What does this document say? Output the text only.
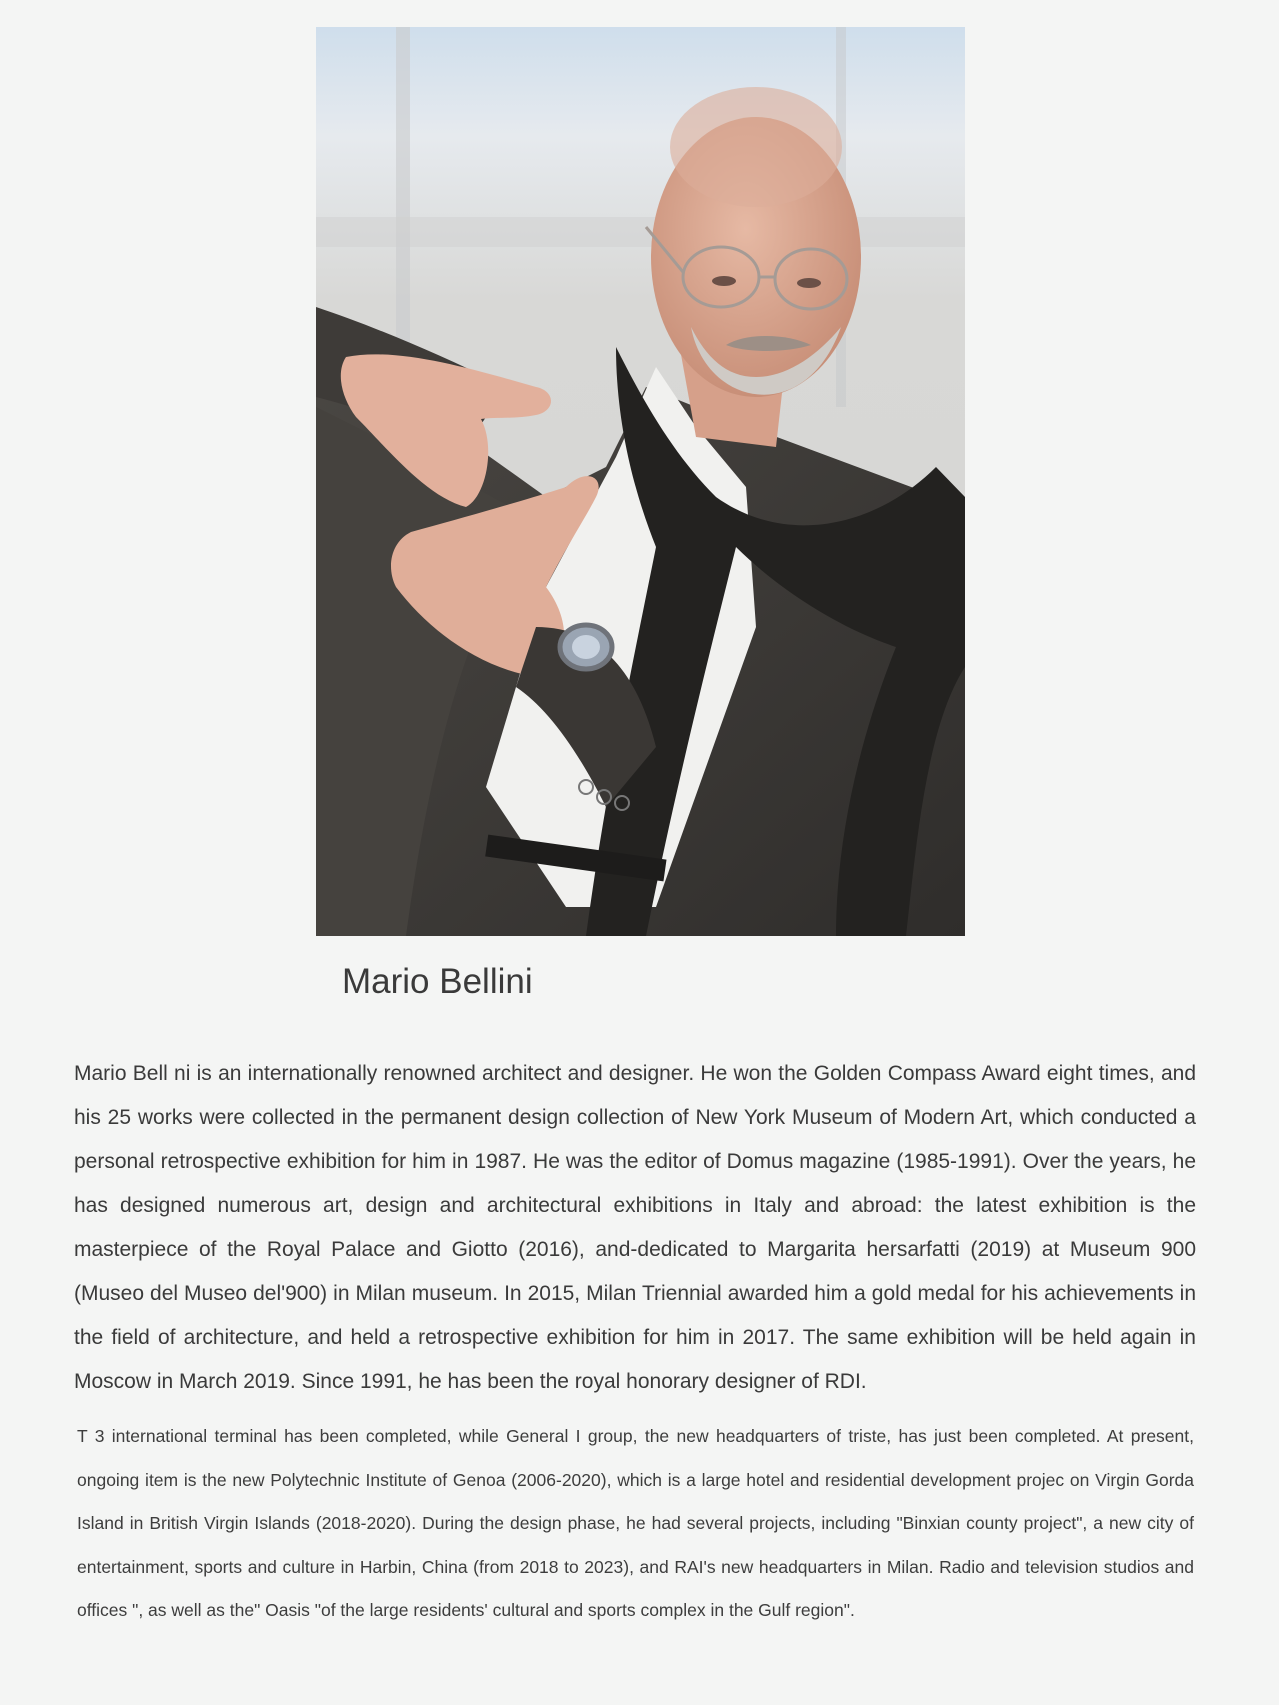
Mario Bellini

Mario Bell ni is an internationally renowned architect and designer. He won the Golden Compass Award eight times, and his 25 works were collected in the permanent design collection of New York Museum of Modern Art, which conducted a personal retrospective exhibition for him in 1987. He was the editor of Domus magazine (1985-1991). Over the years, he has designed numerous art, design and architectural exhibitions in Italy and abroad: the latest exhibition is the masterpiece of the Royal Palace and Giotto (2016), and-dedicated to Margarita hersarfatti (2019) at Museum 900 (Museo del Museo del'900) in Milan museum. In 2015, Milan Triennial awarded him a gold medal for his achievements in the field of architecture, and held a retrospective exhibition for him in 2017. The same exhibition will be held again in Moscow in March 2019. Since 1991, he has been the royal honorary designer of RDI.

T 3 international terminal has been completed, while General I group, the new headquarters of triste, has just been completed. At present, ongoing item is the new Polytechnic Institute of Genoa (2006-2020), which is a large hotel and residential development projec on Virgin Gorda Island in British Virgin Islands (2018-2020). During the design phase, he had several projects, including "Binxian county project", a new city of entertainment, sports and culture in Harbin, China (from 2018 to 2023), and RAI's new headquarters in Milan. Radio and television studios and offices ", as well as the" Oasis "of the large residents' cultural and sports complex in the Gulf region".
